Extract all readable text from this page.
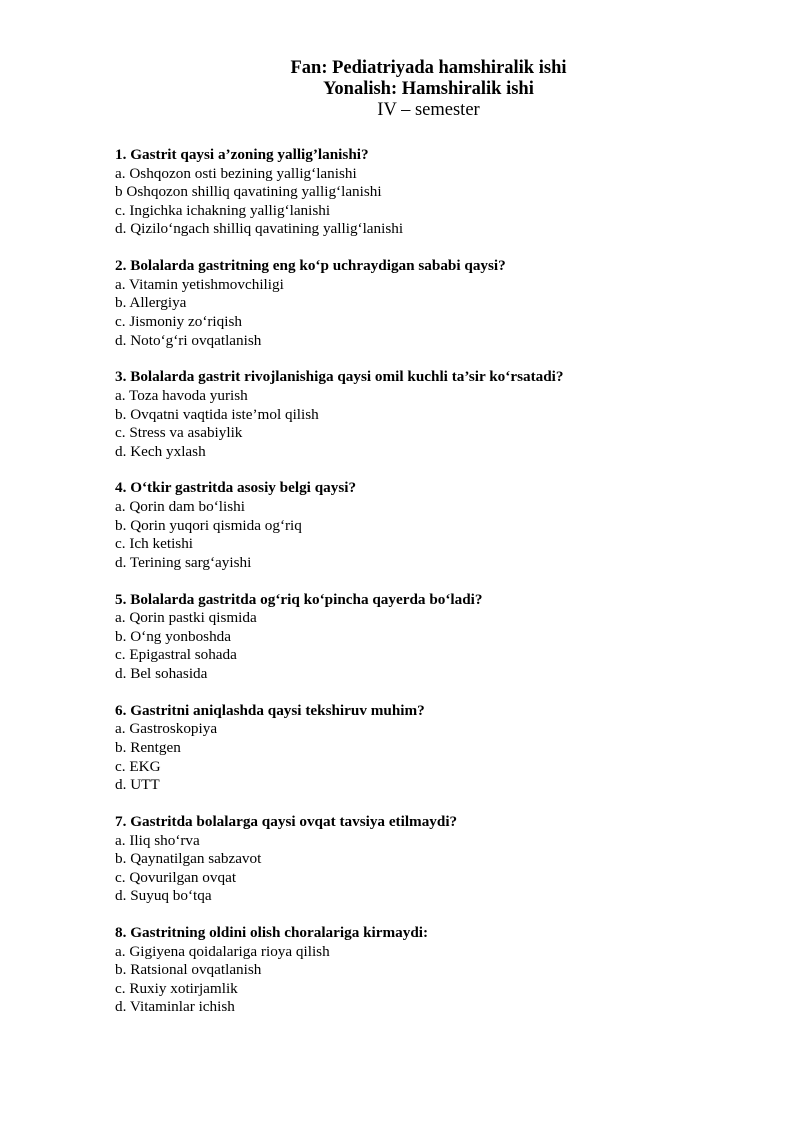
Fan: Pediatriyada hamshiralik ishi
Yonalish: Hamshiralik ishi
IV – semester
1. Gastrit qaysi a’zoning yallig’lanishi?
a. Oshqozon osti bezining yallig‘lanishi
b Oshqozon shilliq qavatining yallig‘lanishi
c. Ingichka ichakning yallig‘lanishi
d. Qizilo‘ngach shilliq qavatining yallig‘lanishi
2. Bolalarda gastritning eng ko‘p uchraydigan sababi qaysi?
a. Vitamin yetishmovchiligi
b. Allergiya
c. Jismoniy zo‘riqish
d. Noto‘g‘ri ovqatlanish
3. Bolalarda gastrit rivojlanishiga qaysi omil kuchli ta’sir ko‘rsatadi?
a. Toza havoda yurish
b. Ovqatni vaqtida iste’mol qilish
c. Stress va asabiylik
d. Kech yxlash
4. O‘tkir gastritda asosiy belgi qaysi?
a. Qorin dam bo‘lishi
b. Qorin yuqori qismida og‘riq
c. Ich ketishi
d. Terining sarg‘ayishi
5. Bolalarda gastritda og‘riq ko‘pincha qayerda bo‘ladi?
a. Qorin pastki qismida
b. O‘ng yonboshda
c. Epigastral sohada
d. Bel sohasida
6. Gastritni aniqlashda qaysi tekshiruv muhim?
a. Gastroskopiya
b. Rentgen
c. EKG
d. UTT
7. Gastritda bolalarga qaysi ovqat tavsiya etilmaydi?
a. Iliq sho‘rva
b. Qaynatilgan sabzavot
c. Qovurilgan ovqat
d. Suyuq bo‘tqa
8. Gastritning oldini olish choralariga kirmaydi:
a. Gigiyena qoidalariga rioya qilish
b. Ratsional ovqatlanish
c. Ruxiy xotirjamlik
d. Vitaminlar ichish
